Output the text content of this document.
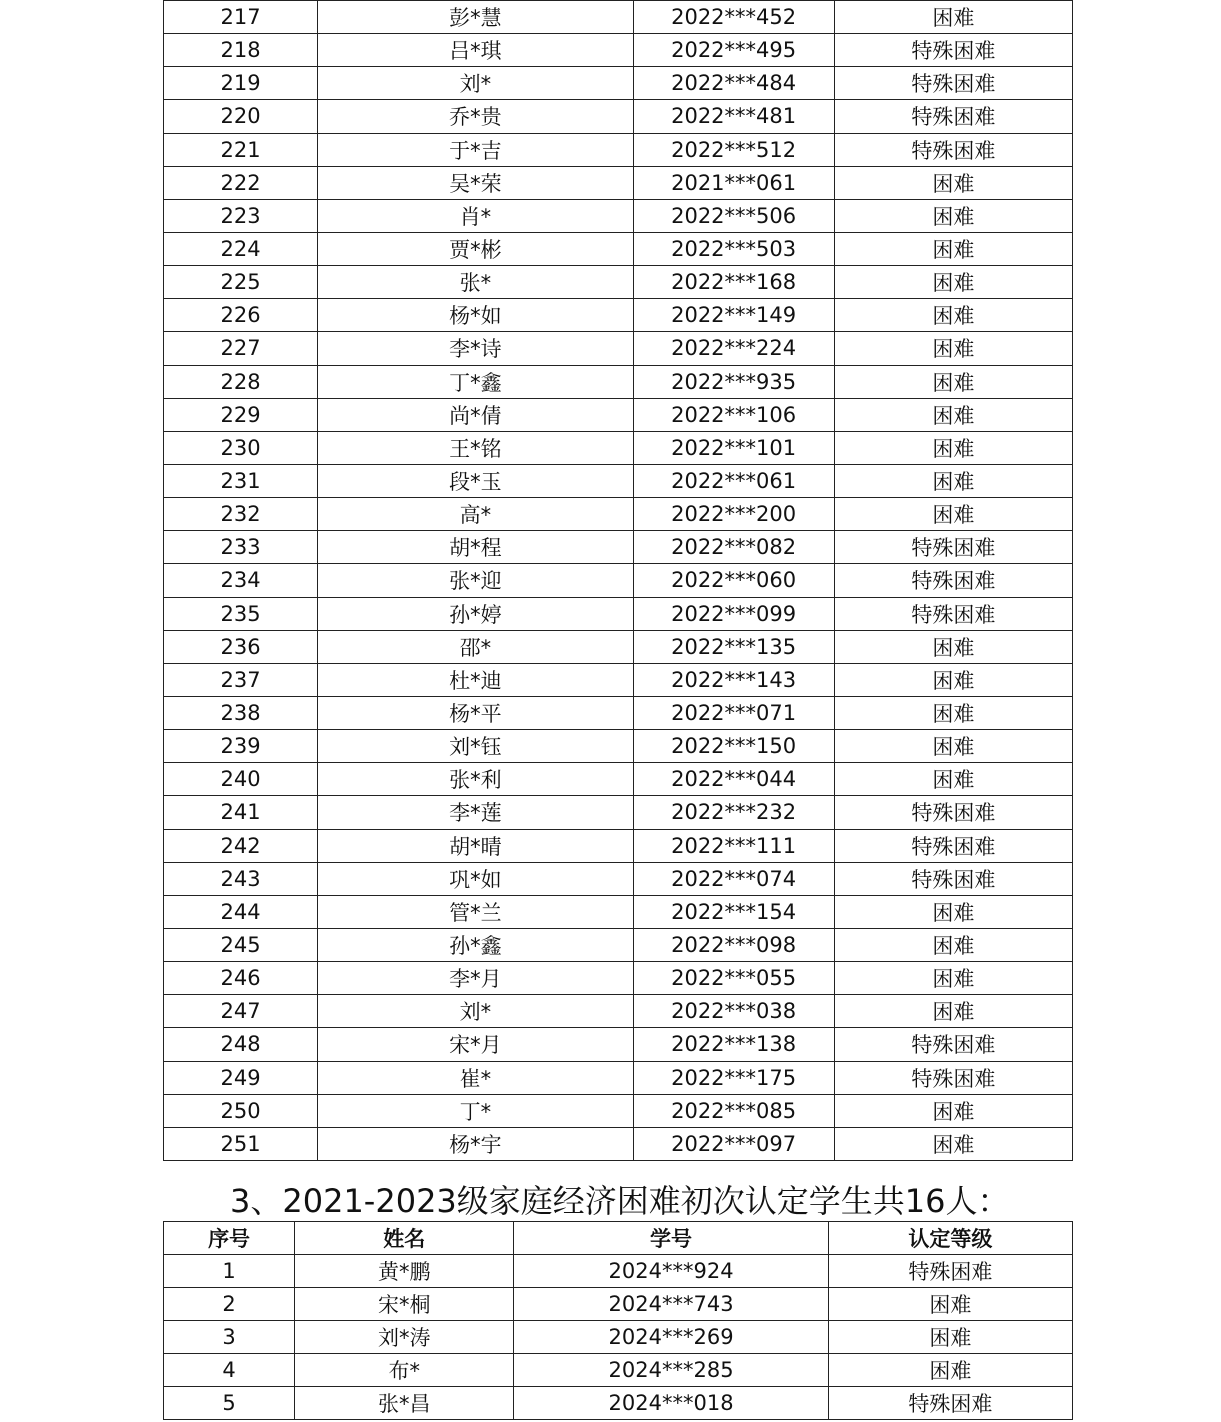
217	彭*慧	2022***452	困难
218	吕*琪	2022***495	特殊困难
219	刘*	2022***484	特殊困难
220	乔*贵	2022***481	特殊困难
221	于*吉	2022***512	特殊困难
222	吴*荣	2021***061	困难
223	肖*	2022***506	困难
224	贾*彬	2022***503	困难
225	张*	2022***168	困难
226	杨*如	2022***149	困难
227	李*诗	2022***224	困难
228	丁*鑫	2022***935	困难
229	尚*倩	2022***106	困难
230	王*铭	2022***101	困难
231	段*玉	2022***061	困难
232	高*	2022***200	困难
233	胡*程	2022***082	特殊困难
234	张*迎	2022***060	特殊困难
235	孙*婷	2022***099	特殊困难
236	邵*	2022***135	困难
237	杜*迪	2022***143	困难
238	杨*平	2022***071	困难
239	刘*钰	2022***150	困难
240	张*利	2022***044	困难
241	李*莲	2022***232	特殊困难
242	胡*晴	2022***111	特殊困难
243	巩*如	2022***074	特殊困难
244	管*兰	2022***154	困难
245	孙*鑫	2022***098	困难
246	李*月	2022***055	困难
247	刘*	2022***038	困难
248	宋*月	2022***138	特殊困难
249	崔*	2022***175	特殊困难
250	丁*	2022***085	困难
251	杨*宇	2022***097	困难
3、2021-2023级家庭经济困难初次认定学生共16人：
序号	姓名	学号	认定等级
1	黄*鹏	2024***924	特殊困难
2	宋*桐	2024***743	困难
3	刘*涛	2024***269	困难
4	布*	2024***285	困难
5	张*昌	2024***018	特殊困难
